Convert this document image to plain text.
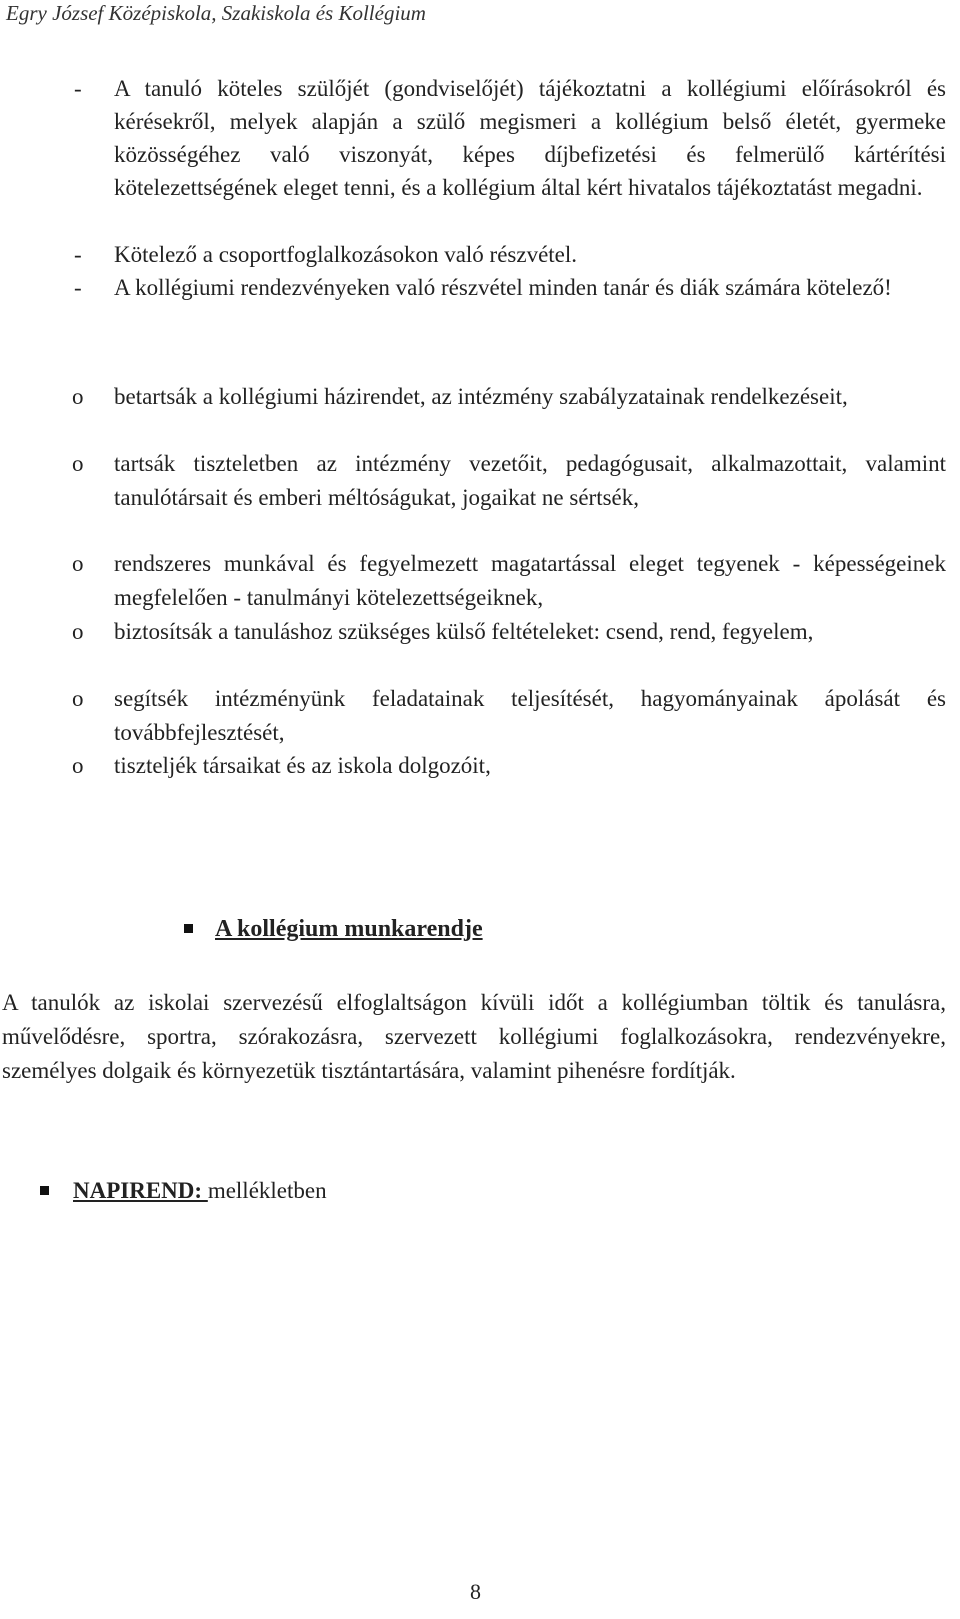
Egry József Középiskola, Szakiskola és Kollégium
- A tanuló köteles szülőjét (gondviselőjét) tájékoztatni a kollégiumi előírásokról és kérésekről, melyek alapján a szülő megismeri a kollégium belső életét, gyermeke közösségéhez való viszonyát, képes díjbefizetési és felmerülő kártérítési kötelezettségének eleget tenni, és a kollégium által kért hivatalos tájékoztatást megadni.
- Kötelező a csoportfoglalkozásokon való részvétel.
- A kollégiumi rendezvényeken való részvétel minden tanár és diák számára kötelező!
o betartsák a kollégiumi házirendet, az intézmény szabályzatainak rendelkezéseit,
o tartsák tiszteletben az intézmény vezetőit, pedagógusait, alkalmazottait, valamint tanulótársait és emberi méltóságukat, jogaikat ne sértsék,
o rendszeres munkával és fegyelmezett magatartással eleget tegyenek - képességeinek megfelelően - tanulmányi kötelezettségeiknek,
o biztosítsák a tanuláshoz szükséges külső feltételeket: csend, rend, fegyelem,
o segítsék intézményünk feladatainak teljesítését, hagyományainak ápolását és továbbfejlesztését,
o tiszteljék társaikat és az iskola dolgozóit,
A kollégium munkarendje
A tanulók az iskolai szervezésű elfoglaltságon kívüli időt a kollégiumban töltik és tanulásra, művelődésre, sportra, szórakozásra, szervezett kollégiumi foglalkozásokra, rendezvényekre, személyes dolgaik és környezetük tisztántartására, valamint pihenésre fordítják.
NAPIREND: mellékletben
8
